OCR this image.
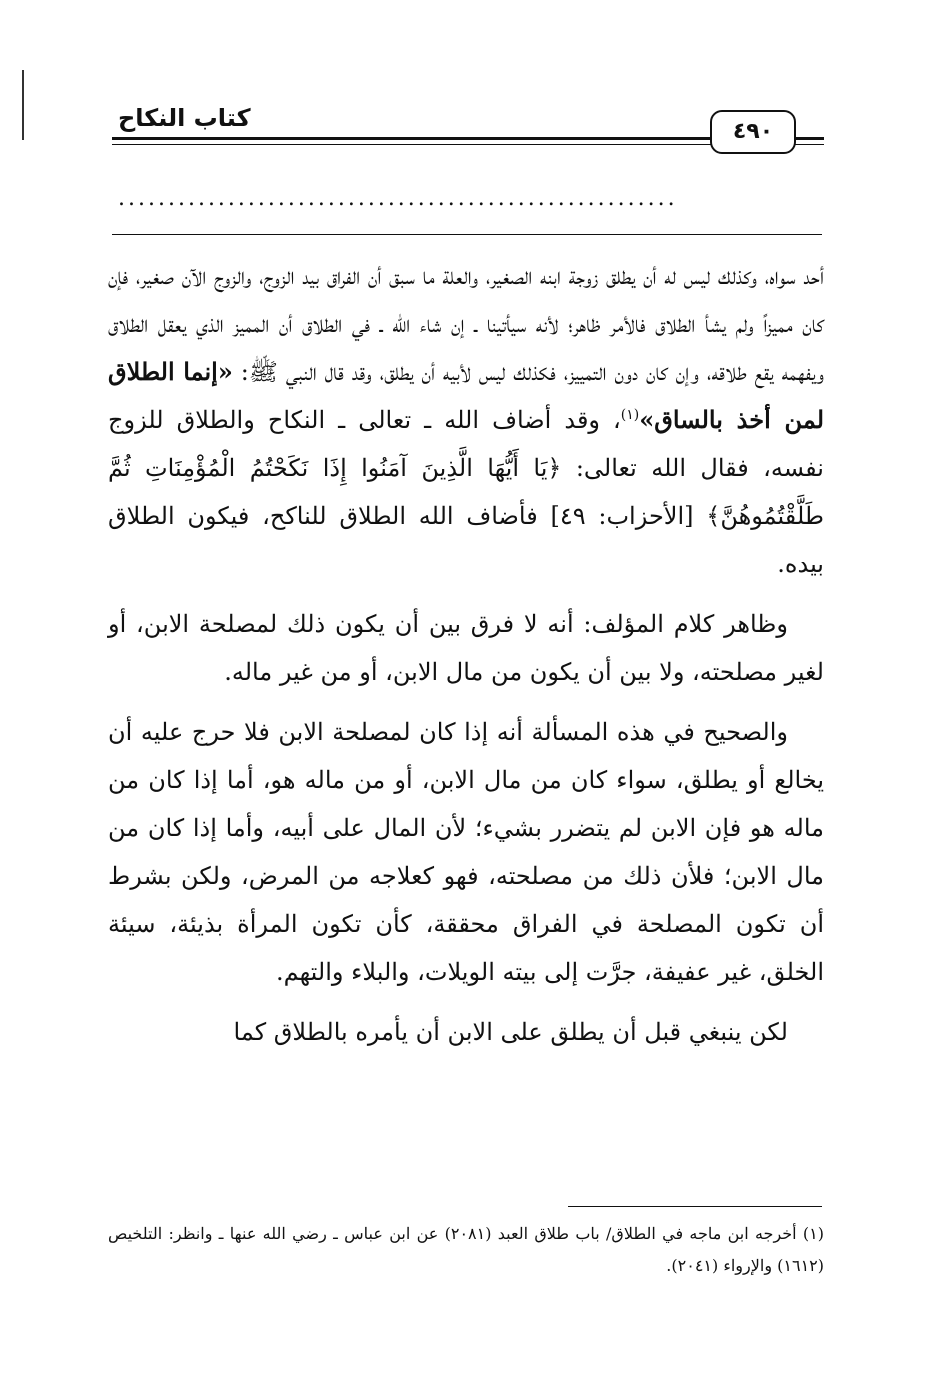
كتاب النكاح	٤٩٠
........................................................

أحد سواه، وكذلك ليس له أن يطلق زوجة ابنه الصغير، والعلة ما سبق أن الفراق بيد الزوج، والزوج الآن صغير، فإن كان مميزاً ولم يشأ الطلاق فالأمر ظاهر؛ لأنه سيأتينا ـ إن شاء الله ـ في الطلاق أن المميز الذي يعقل الطلاق ويفهمه يقع طلاقه، وإن كان دون التمييز، فكذلك ليس لأبيه أن يطلق، وقد قال النبي ﷺ: «إنما الطلاق لمن أخذ بالساق»$^{(١)}$، وقد أضاف الله ـ تعالى ـ النكاح والطلاق للزوج نفسه، فقال الله تعالى: ﴿يَا أَيُّهَا الَّذِينَ آمَنُوا إِذَا نَكَحْتُمُ الْمُؤْمِنَاتِ ثُمَّ طَلَّقْتُمُوهُنَّ﴾ [الأحزاب: ٤٩] فأضاف الله الطلاق للناكح، فيكون الطلاق بيده.

وظاهر كلام المؤلف: أنه لا فرق بين أن يكون ذلك لمصلحة الابن، أو لغير مصلحته، ولا بين أن يكون من مال الابن، أو من غير ماله.

والصحيح في هذه المسألة أنه إذا كان لمصلحة الابن فلا حرج عليه أن يخالع أو يطلق، سواء كان من مال الابن، أو من ماله هو، أما إذا كان من ماله هو فإن الابن لم يتضرر بشيء؛ لأن المال على أبيه، وأما إذا كان من مال الابن؛ فلأن ذلك من مصلحته، فهو كعلاجه من المرض، ولكن بشرط أن تكون المصلحة في الفراق محققة، كأن تكون المرأة بذيئة، سيئة الخلق، غير عفيفة، جرَّت إلى بيته الويلات، والبلاء والتهم.

لكن ينبغي قبل أن يطلق على الابن أن يأمره بالطلاق كما

(١) أخرجه ابن ماجه في الطلاق/ باب طلاق العبد (٢٠٨١) عن ابن عباس ـ رضي الله عنها ـ وانظر: التلخيص (١٦١٢) والإرواء (٢٠٤١).
